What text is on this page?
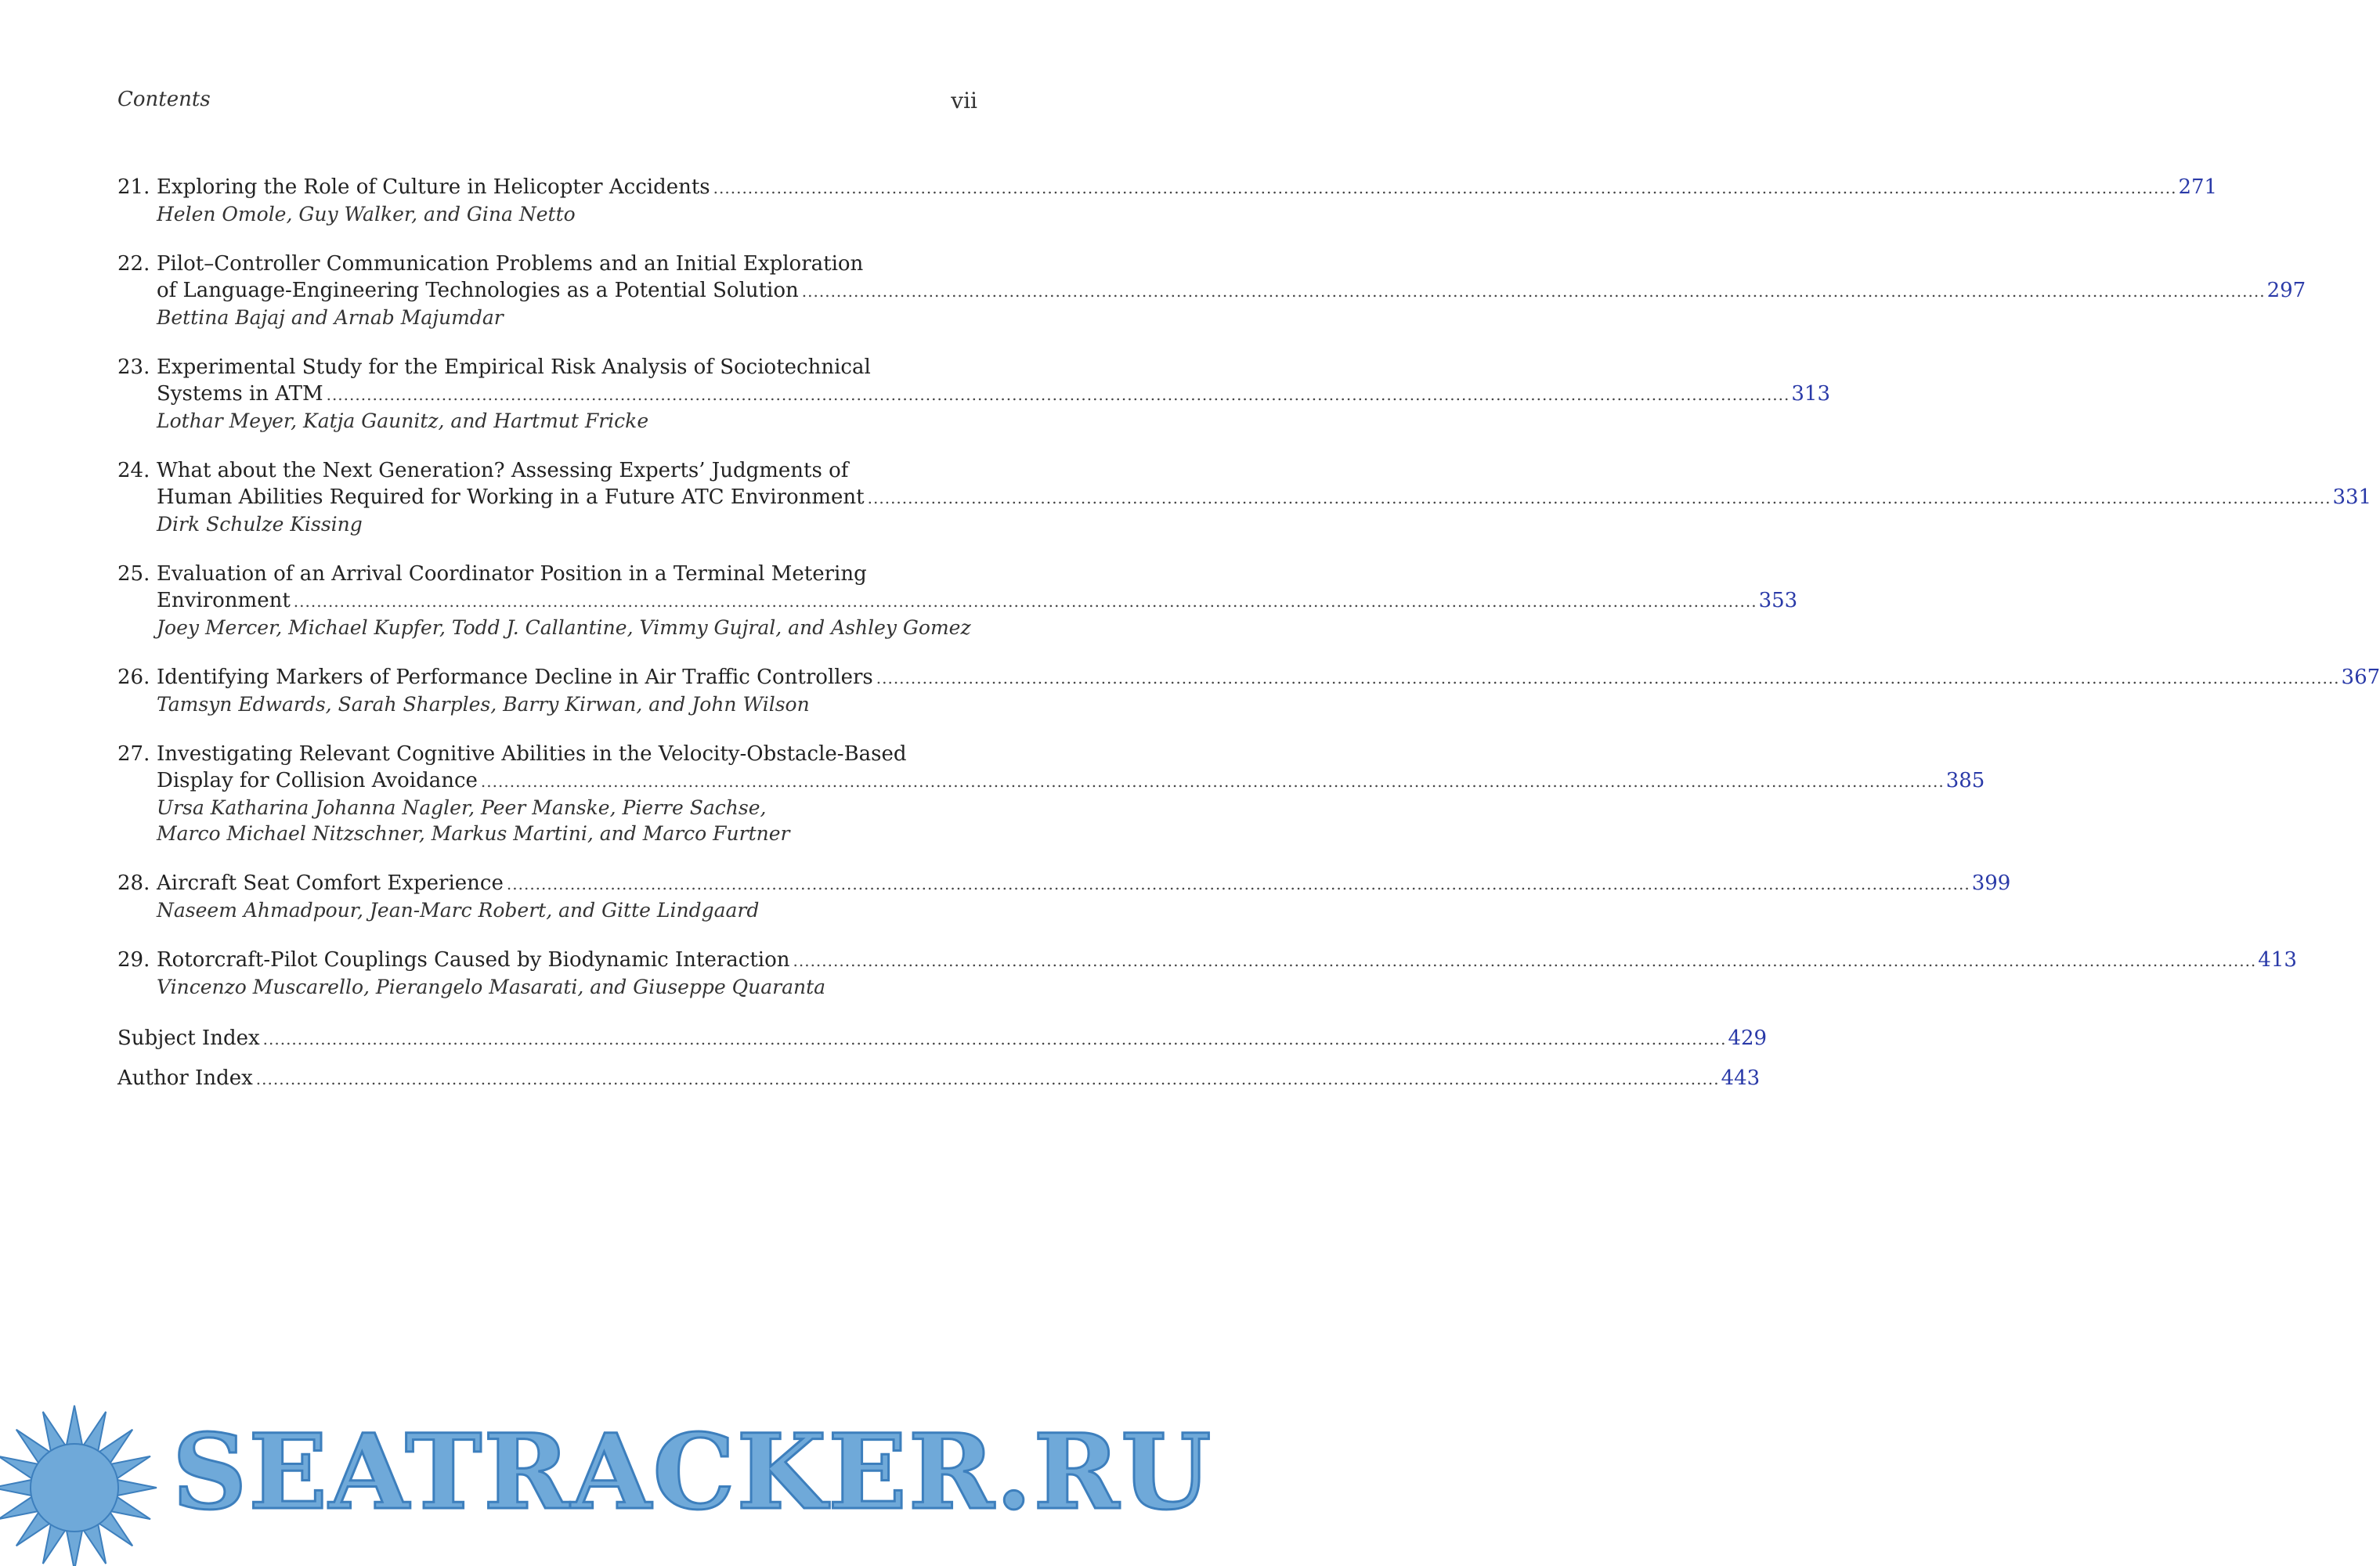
Contents	vii
21. Exploring the Role of Culture in Helicopter Accidents .....	271
Helen Omole, Guy Walker, and Gina Netto
22. Pilot–Controller Communication Problems and an Initial Exploration
of Language-Engineering Technologies as a Potential Solution .....	297
Bettina Bajaj and Arnab Majumdar
23. Experimental Study for the Empirical Risk Analysis of Sociotechnical
Systems in ATM .....	313
Lothar Meyer, Katja Gaunitz, and Hartmut Fricke
24. What about the Next Generation? Assessing Experts’ Judgments of
Human Abilities Required for Working in a Future ATC Environment .....	331
Dirk Schulze Kissing
25. Evaluation of an Arrival Coordinator Position in a Terminal Metering
Environment .....	353
Joey Mercer, Michael Kupfer, Todd J. Callantine, Vimmy Gujral, and Ashley Gomez
26. Identifying Markers of Performance Decline in Air Traffic Controllers .....	367
Tamsyn Edwards, Sarah Sharples, Barry Kirwan, and John Wilson
27. Investigating Relevant Cognitive Abilities in the Velocity-Obstacle-Based
Display for Collision Avoidance .....	385
Ursa Katharina Johanna Nagler, Peer Manske, Pierre Sachse,
Marco Michael Nitzschner, Markus Martini, and Marco Furtner
28. Aircraft Seat Comfort Experience .....	399
Naseem Ahmadpour, Jean-Marc Robert, and Gitte Lindgaard
29. Rotorcraft-Pilot Couplings Caused by Biodynamic Interaction .....	413
Vincenzo Muscarello, Pierangelo Masarati, and Giuseppe Quaranta
Subject Index .....	429
Author Index .....	443
SEATRACKER.RU
